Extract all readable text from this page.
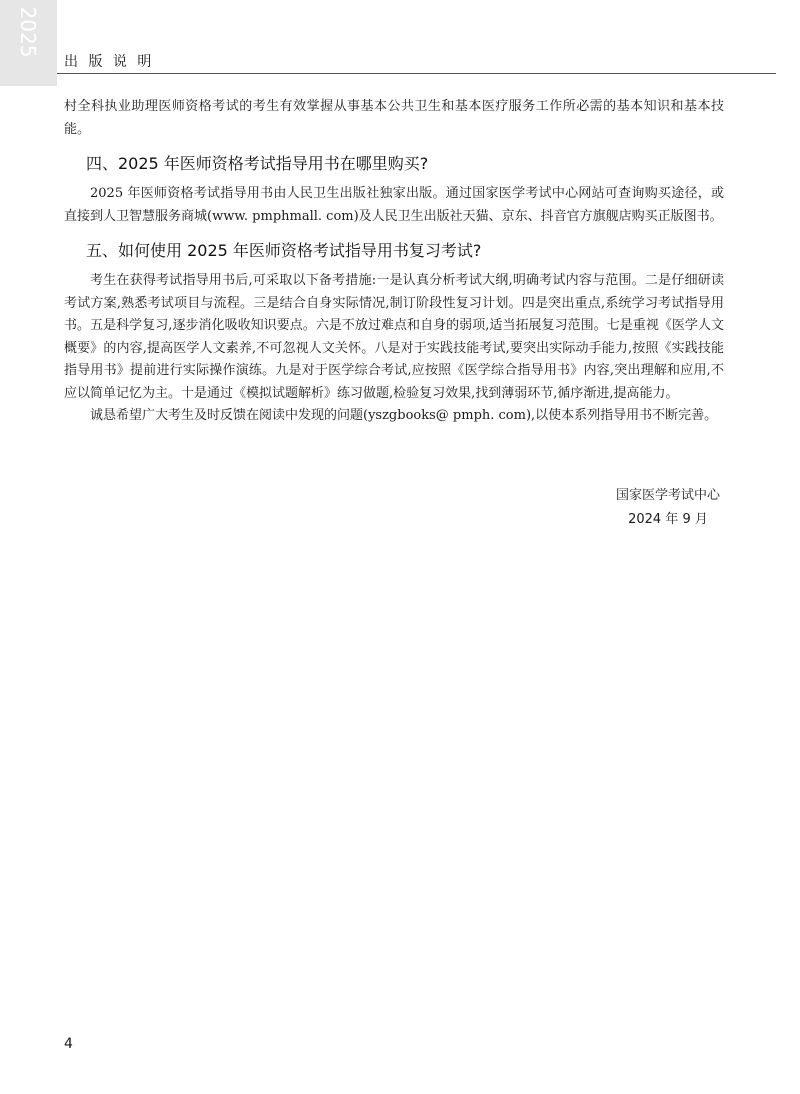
2025
出 版 说 明

村全科执业助理医师资格考试的考生有效掌握从事基本公共卫生和基本医疗服务工作所必需的基本知识和基本技能。

四、2025 年医师资格考试指导用书在哪里购买?

2025 年医师资格考试指导用书由人民卫生出版社独家出版。通过国家医学考试中心网站可查询购买途径，或直接到人卫智慧服务商城(www. pmphmall. com)及人民卫生出版社天猫、京东、抖音官方旗舰店购买正版图书。

五、如何使用 2025 年医师资格考试指导用书复习考试?

考生在获得考试指导用书后,可采取以下备考措施:一是认真分析考试大纲,明确考试内容与范围。二是仔细研读考试方案,熟悉考试项目与流程。三是结合自身实际情况,制订阶段性复习计划。四是突出重点,系统学习考试指导用书。五是科学复习,逐步消化吸收知识要点。六是不放过难点和自身的弱项,适当拓展复习范围。七是重视《医学人文概要》的内容,提高医学人文素养,不可忽视人文关怀。八是对于实践技能考试,要突出实际动手能力,按照《实践技能指导用书》提前进行实际操作演练。九是对于医学综合考试,应按照《医学综合指导用书》内容,突出理解和应用,不应以简单记忆为主。十是通过《模拟试题解析》练习做题,检验复习效果,找到薄弱环节,循序渐进,提高能力。

诚恳希望广大考生及时反馈在阅读中发现的问题(yszgbooks@ pmph. com),以使本系列指导用书不断完善。

国家医学考试中心
2024 年 9 月
4
